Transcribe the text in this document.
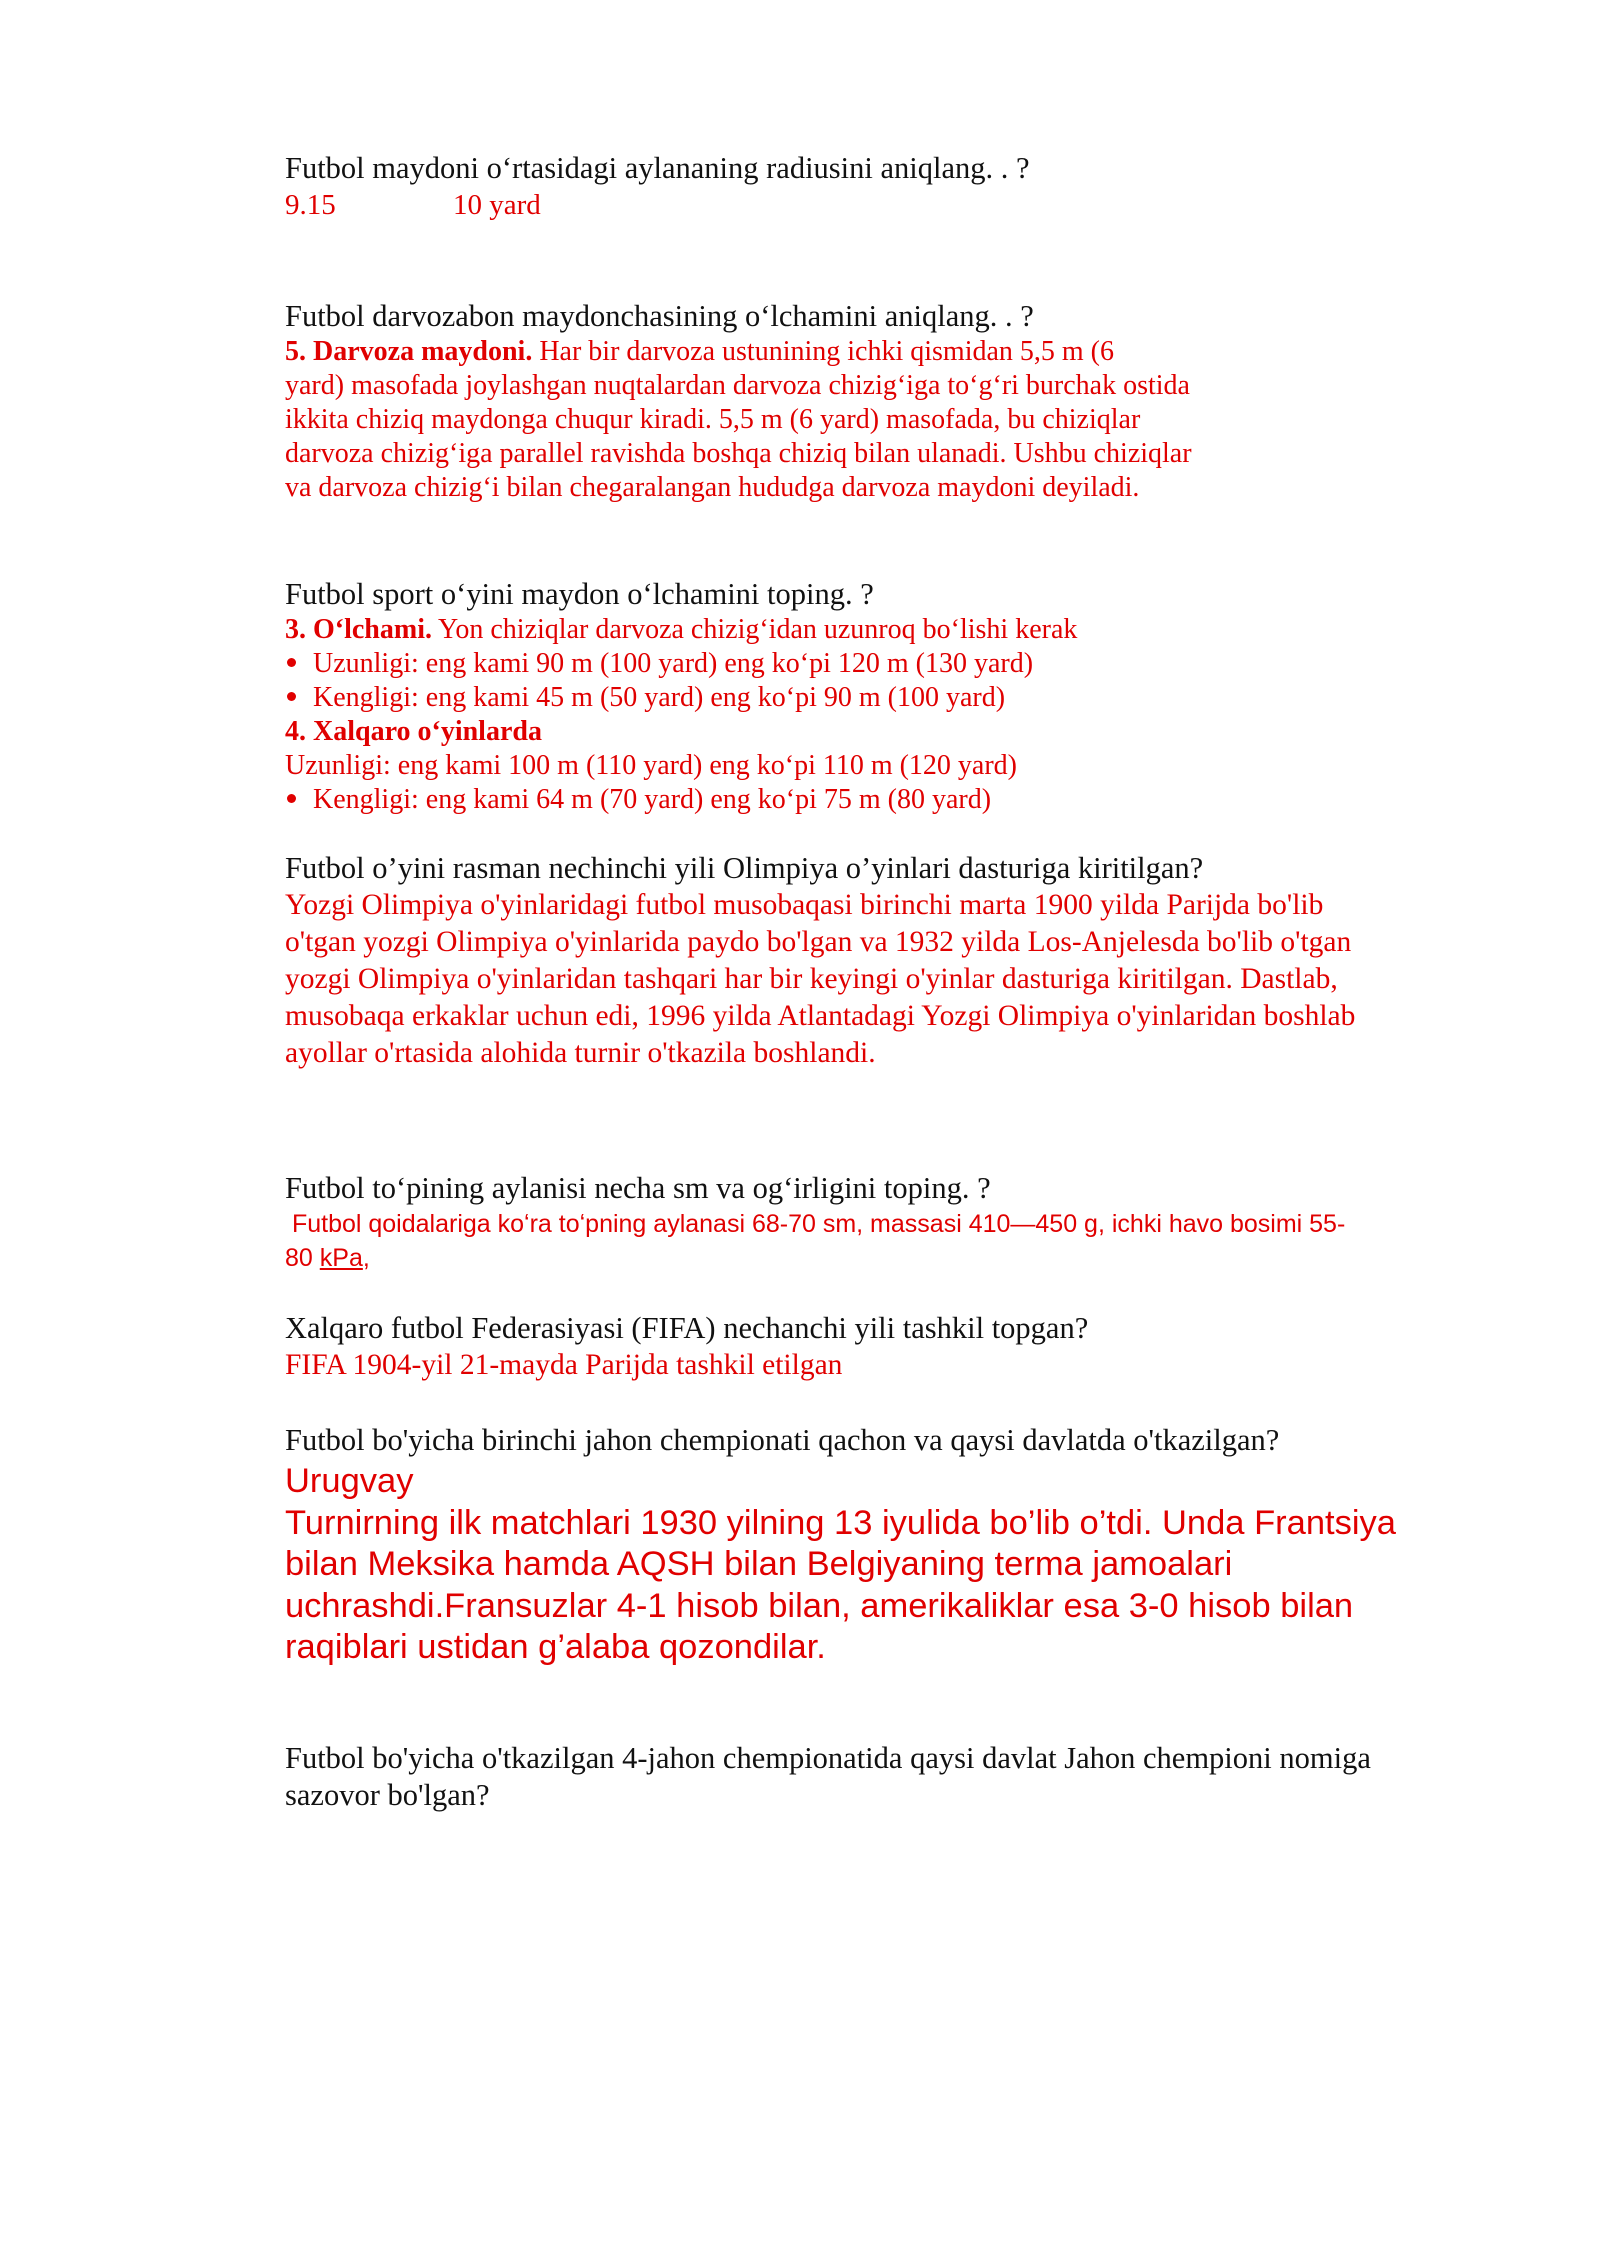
Futbol maydoni oʻrtasidagi aylananing radiusini aniqlang. . ?

9.15	10 yard

Futbol darvozabon maydonchasining oʻlchamini aniqlang. . ?

5. Darvoza maydoni. Har bir darvoza ustunining ichki qismidan 5,5 m (6
yard) masofada joylashgan nuqtalardan darvoza chizigʻiga toʻgʻri burchak ostida
ikkita chiziq maydonga chuqur kiradi. 5,5 m (6 yard) masofada, bu chiziqlar
darvoza chizigʻiga parallel ravishda boshqa chiziq bilan ulanadi. Ushbu chiziqlar
va darvoza chizigʻi bilan chegaralangan hududga darvoza maydoni deyiladi.

Futbol sport oʻyini maydon oʻlchamini toping. ?

3. Oʻlchami. Yon chiziqlar darvoza chizigʻidan uzunroq boʻlishi kerak
Uzunligi: eng kami 90 m (100 yard) eng koʻpi 120 m (130 yard)
Kengligi: eng kami 45 m (50 yard) eng koʻpi 90 m (100 yard)
4. Xalqaro oʻyinlarda
Uzunligi: eng kami 100 m (110 yard) eng koʻpi 110 m (120 yard)
Kengligi: eng kami 64 m (70 yard) eng koʻpi 75 m (80 yard)

Futbol o’yini rasman nechinchi yili Olimpiya o’yinlari dasturiga kiritilgan?

Yozgi Olimpiya o'yinlaridagi futbol musobaqasi birinchi marta 1900 yilda Parijda bo'lib
o'tgan yozgi Olimpiya o'yinlarida paydo bo'lgan va 1932 yilda Los-Anjelesda bo'lib o'tgan
yozgi Olimpiya o'yinlaridan tashqari har bir keyingi o'yinlar dasturiga kiritilgan. Dastlab,
musobaqa erkaklar uchun edi, 1996 yilda Atlantadagi Yozgi Olimpiya o'yinlaridan boshlab
ayollar o'rtasida alohida turnir o'tkazila boshlandi.

Futbol toʻpining aylanisi necha sm va ogʻirligini toping. ?

Futbol qoidalariga koʻra toʻpning aylanasi 68-70 sm, massasi 410—450 g, ichki havo bosimi 55-
80 kPa,

Xalqaro futbol Federasiyasi (FIFA) nechanchi yili tashkil topgan?

FIFA 1904-yil 21-mayda Parijda tashkil etilgan

Futbol bo'yicha birinchi jahon chempionati qachon va qaysi davlatda o'tkazilgan?

Urugvay
Turnirning ilk matchlari 1930 yilning 13 iyulida bo’lib o’tdi. Unda Frantsiya
bilan Meksika hamda AQSH bilan Belgiyaning terma jamoalari
uchrashdi.Fransuzlar 4-1 hisob bilan, amerikaliklar esa 3-0 hisob bilan
raqiblari ustidan g’alaba qozondilar.

Futbol bo'yicha o'tkazilgan 4-jahon chempionatida qaysi davlat Jahon chempioni nomiga

sazovor bo'lgan?
